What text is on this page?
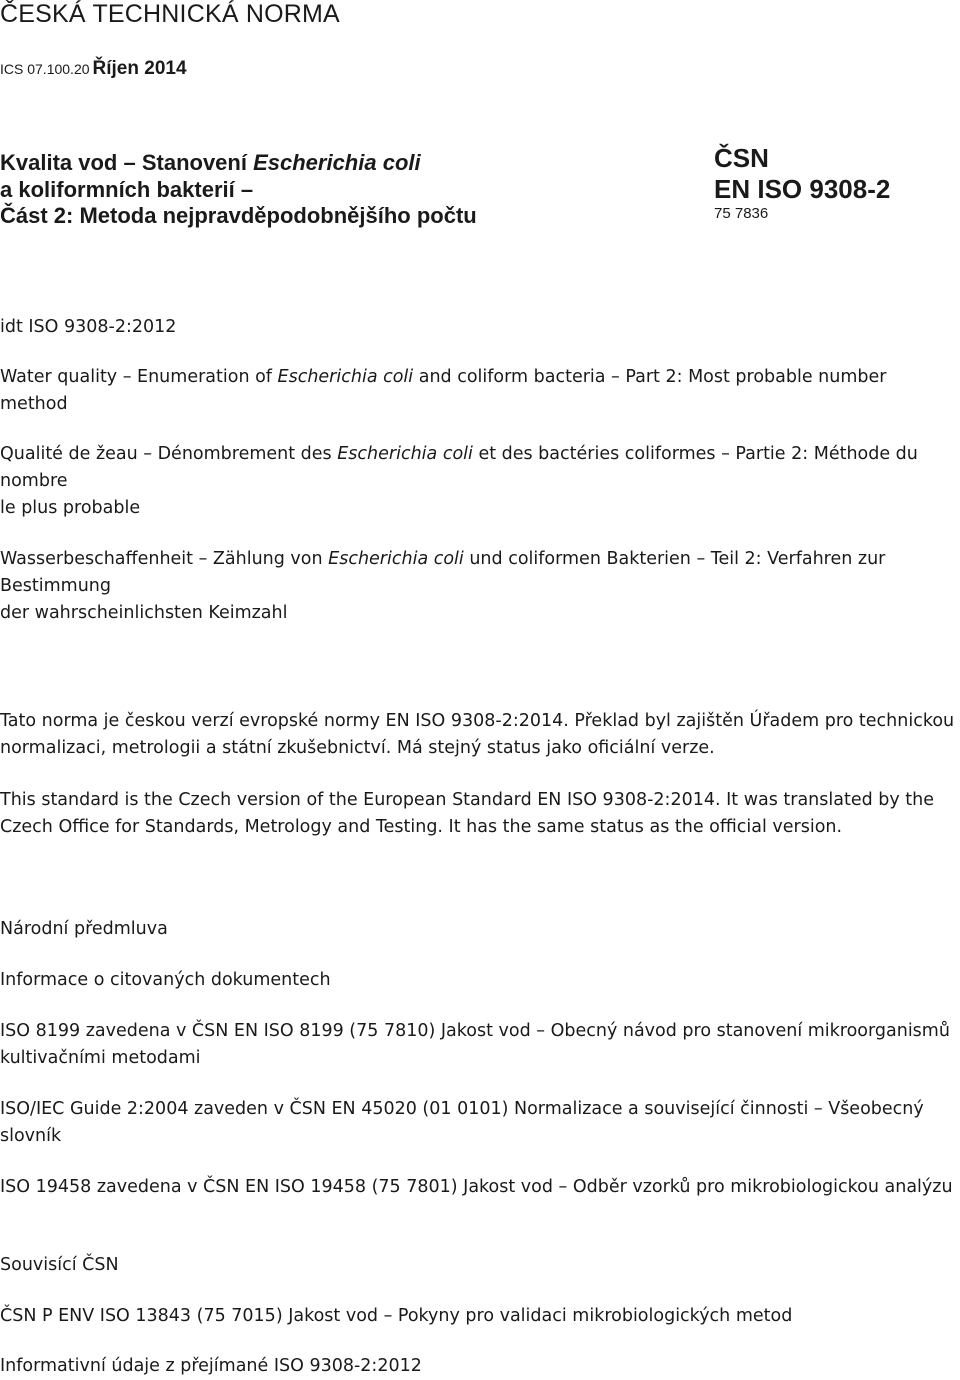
ČESKÁ TECHNICKÁ NORMA
ICS 07.100.20 Říjen 2014
Kvalita vod – Stanovení Escherichia coli
a koliformních bakterií –
Část 2: Metoda nejpravděpodobnějšího počtu
ČSN
EN ISO 9308-2
75 7836

idt ISO 9308-2:2012

Water quality – Enumeration of Escherichia coli and coliform bacteria – Part 2: Most probable number method

Qualité de žeau – Dénombrement des Escherichia coli et des bactéries coliformes – Partie 2: Méthode du nombre
le plus probable

Wasserbeschaffenheit – Zählung von Escherichia coli und coliformen Bakterien – Teil 2: Verfahren zur Bestimmung
der wahrscheinlichsten Keimzahl

Tato norma je českou verzí evropské normy EN ISO 9308-2:2014. Překlad byl zajištěn Úřadem pro technickou normalizaci, metrologii a státní zkušebnictví. Má stejný status jako oficiální verze.

This standard is the Czech version of the European Standard EN ISO 9308-2:2014. It was translated by the Czech Office for Standards, Metrology and Testing. It has the same status as the official version.

Národní předmluva

Informace o citovaných dokumentech

ISO 8199 zavedena v ČSN EN ISO 8199 (75 7810) Jakost vod – Obecný návod pro stanovení mikroorganismů kultivačními metodami

ISO/IEC Guide 2:2004 zaveden v ČSN EN 45020 (01 0101) Normalizace a související činnosti – Všeobecný slovník

ISO 19458 zavedena v ČSN EN ISO 19458 (75 7801) Jakost vod – Odběr vzorků pro mikrobiologickou analýzu

Souvisící ČSN

ČSN P ENV ISO 13843 (75 7015) Jakost vod – Pokyny pro validaci mikrobiologických metod

Informativní údaje z přejímané ISO 9308-2:2012
